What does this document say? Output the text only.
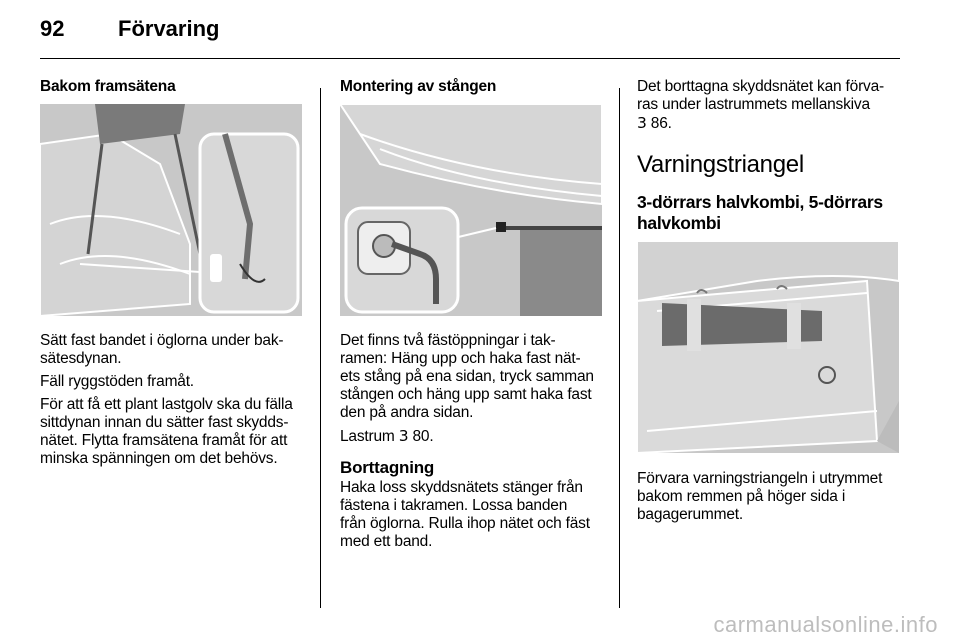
92 Förvaring
Bakom framsätena
Sätt fast bandet i öglorna under bak-
sätesdynan.
Fäll ryggstöden framåt.
För att få ett plant lastgolv ska du fälla
sittdynan innan du sätter fast skydds-
nätet. Flytta framsätena framåt för att
minska spänningen om det behövs.
Montering av stången
Det finns två fästöppningar i tak-
ramen: Häng upp och haka fast nät-
ets stång på ena sidan, tryck samman
stången och häng upp samt haka fast
den på andra sidan.
Lastrum 3 80.
Borttagning
Haka loss skyddsnätets stänger från
fästena i takramen. Lossa banden
från öglorna. Rulla ihop nätet och fäst
med ett band.
Det borttagna skyddsnätet kan förva-
ras under lastrummets mellanskiva
3 86.
Varningstriangel
3-dörrars halvkombi, 5-dörrars
halvkombi
Förvara varningstriangeln i utrymmet
bakom remmen på höger sida i
bagagerummet.
carmanualsonline.info
